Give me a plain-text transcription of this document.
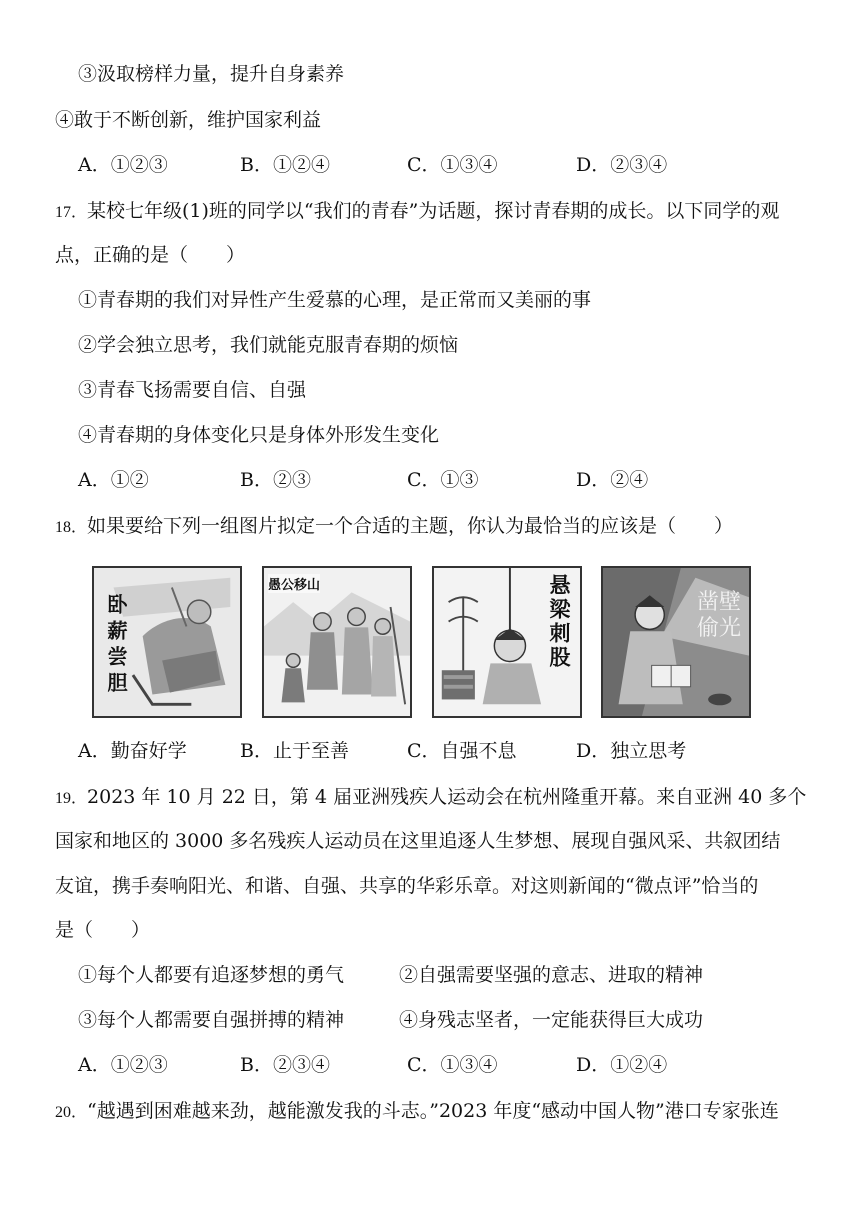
③汲取榜样力量，提升自身素养
④敢于不断创新，维护国家利益
A．①②③	B．①②④	C．①③④	D．②③④
17．某校七年级(1)班的同学以“我们的青春”为话题，探讨青春期的成长。以下同学的观
点，正确的是（　　）
①青春期的我们对异性产生爱慕的心理，是正常而又美丽的事
②学会独立思考，我们就能克服青春期的烦恼
③青春飞扬需要自信、自强
④青春期的身体变化只是身体外形发生变化
A．①②	B．②③	C．①③	D．②④
18．如果要给下列一组图片拟定一个合适的主题，你认为最恰当的应该是（　　）
卧薪尝胆
愚公移山	悬梁刺股	凿壁偷光
A．勤奋好学	B．止于至善	C．自强不息	D．独立思考
19．2023 年 10 月 22 日，第 4 届亚洲残疾人运动会在杭州隆重开幕。来自亚洲 40 多个
国家和地区的 3000 多名残疾人运动员在这里追逐人生梦想、展现自强风采、共叙团结
友谊，携手奏响阳光、和谐、自强、共享的华彩乐章。对这则新闻的“微点评”恰当的
是（　　）
①每个人都要有追逐梦想的勇气	②自强需要坚强的意志、进取的精神
③每个人都需要自强拼搏的精神	④身残志坚者，一定能获得巨大成功
A．①②③	B．②③④	C．①③④	D．①②④
20．“越遇到困难越来劲，越能激发我的斗志。”2023 年度“感动中国人物”港口专家张连
